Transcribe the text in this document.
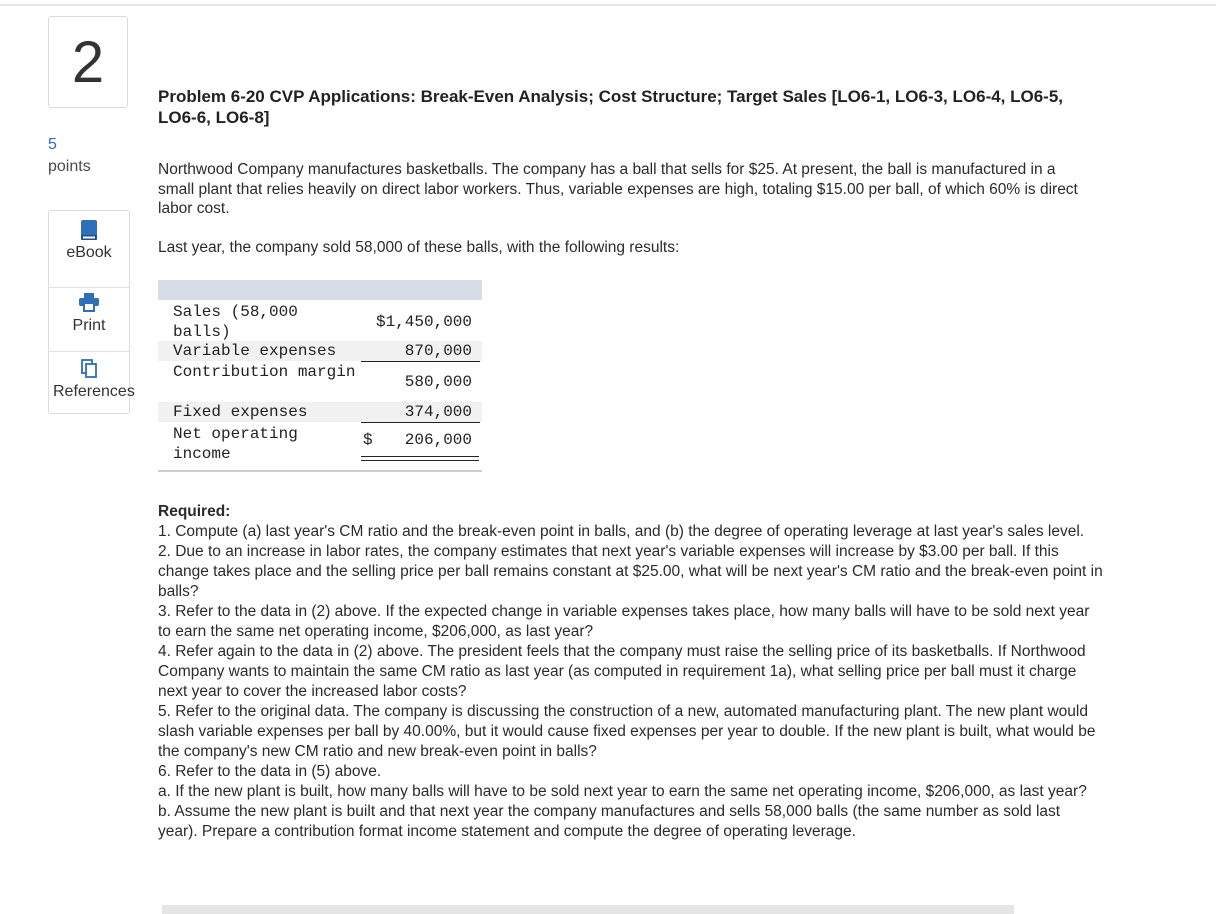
2
5
points
eBook
Print
References
Problem 6-20 CVP Applications: Break-Even Analysis; Cost Structure; Target Sales [LO6-1, LO6-3, LO6-4, LO6-5, LO6-6, LO6-8]
Northwood Company manufactures basketballs. The company has a ball that sells for $25. At present, the ball is manufactured in a small plant that relies heavily on direct labor workers. Thus, variable expenses are high, totaling $15.00 per ball, of which 60% is direct labor cost.
Last year, the company sold 58,000 of these balls, with the following results:
Sales (58,000 balls)
$1,450,000
Variable expenses	870,000
Contribution margin
580,000
Fixed expenses	374,000
Net operating income
$ 206,000

Required:

1. Compute (a) last year's CM ratio and the break-even point in balls, and (b) the degree of operating leverage at last year's sales level.

2. Due to an increase in labor rates, the company estimates that next year's variable expenses will increase by $3.00 per ball. If this change takes place and the selling price per ball remains constant at $25.00, what will be next year's CM ratio and the break-even point in balls?

3. Refer to the data in (2) above. If the expected change in variable expenses takes place, how many balls will have to be sold next year to earn the same net operating income, $206,000, as last year?

4. Refer again to the data in (2) above. The president feels that the company must raise the selling price of its basketballs. If Northwood Company wants to maintain the same CM ratio as last year (as computed in requirement 1a), what selling price per ball must it charge next year to cover the increased labor costs?

5. Refer to the original data. The company is discussing the construction of a new, automated manufacturing plant. The new plant would slash variable expenses per ball by 40.00%, but it would cause fixed expenses per year to double. If the new plant is built, what would be the company's new CM ratio and new break-even point in balls?

6. Refer to the data in (5) above.

a. If the new plant is built, how many balls will have to be sold next year to earn the same net operating income, $206,000, as last year?

b. Assume the new plant is built and that next year the company manufactures and sells 58,000 balls (the same number as sold last year). Prepare a contribution format income statement and compute the degree of operating leverage.
